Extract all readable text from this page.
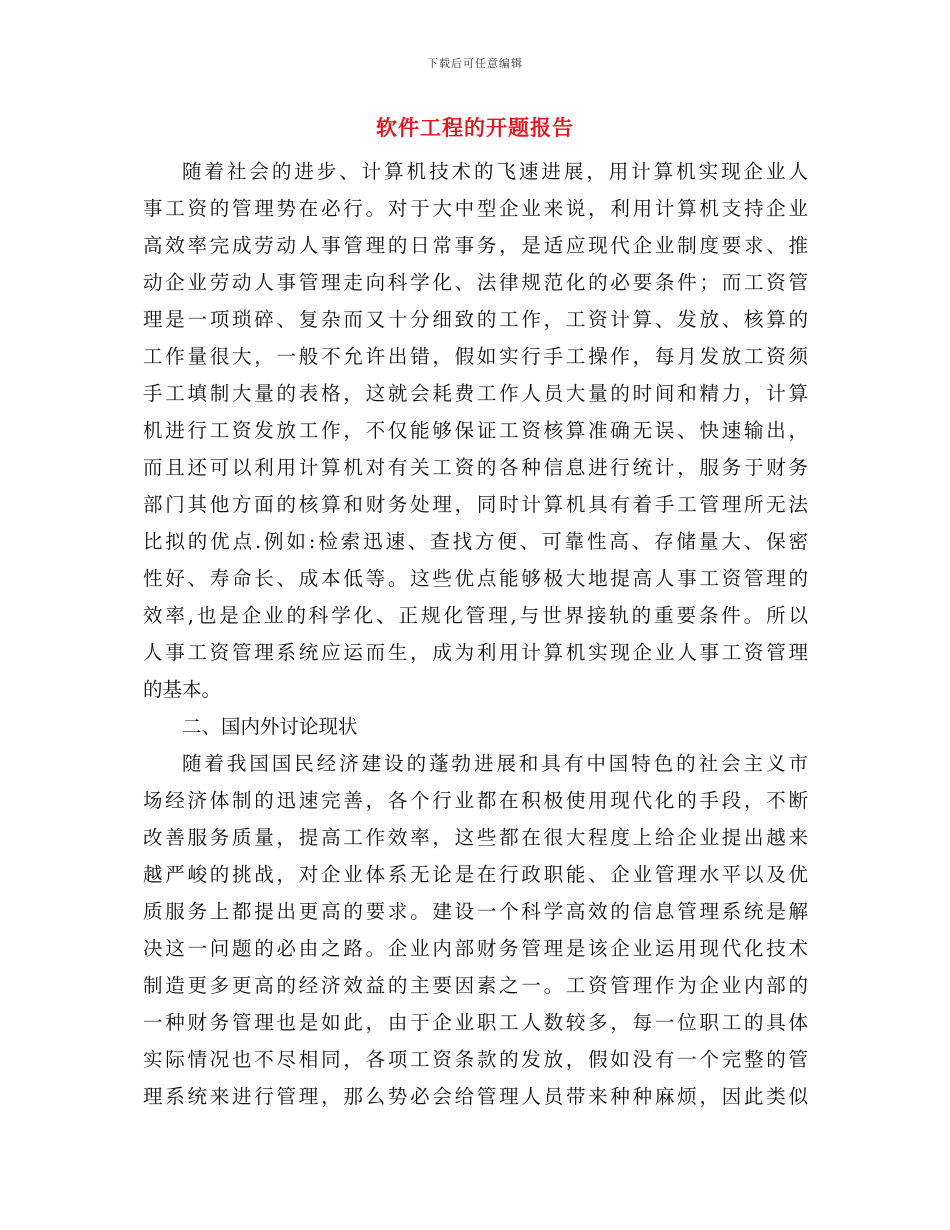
下载后可任意编辑
软件工程的开题报告
随着社会的进步、计算机技术的飞速进展，用计算机实现企业人
事工资的管理势在必行。对于大中型企业来说，利用计算机支持企业
高效率完成劳动人事管理的日常事务，是适应现代企业制度要求、推
动企业劳动人事管理走向科学化、法律规范化的必要条件；而工资管
理是一项琐碎、复杂而又十分细致的工作，工资计算、发放、核算的
工作量很大，一般不允许出错，假如实行手工操作，每月发放工资须
手工填制大量的表格，这就会耗费工作人员大量的时间和精力，计算
机进行工资发放工作，不仅能够保证工资核算准确无误、快速输出，
而且还可以利用计算机对有关工资的各种信息进行统计，服务于财务
部门其他方面的核算和财务处理，同时计算机具有着手工管理所无法
比拟的优点.例如:检索迅速、查找方便、可靠性高、存储量大、保密
性好、寿命长、成本低等。这些优点能够极大地提高人事工资管理的
效率,也是企业的科学化、正规化管理,与世界接轨的重要条件。所以
人事工资管理系统应运而生，成为利用计算机实现企业人事工资管理
的基本。
二、国内外讨论现状
随着我国国民经济建设的蓬勃进展和具有中国特色的社会主义市
场经济体制的迅速完善，各个行业都在积极使用现代化的手段，不断
改善服务质量，提高工作效率，这些都在很大程度上给企业提出越来
越严峻的挑战，对企业体系无论是在行政职能、企业管理水平以及优
质服务上都提出更高的要求。建设一个科学高效的信息管理系统是解
决这一问题的必由之路。企业内部财务管理是该企业运用现代化技术
制造更多更高的经济效益的主要因素之一。工资管理作为企业内部的
一种财务管理也是如此，由于企业职工人数较多，每一位职工的具体
实际情况也不尽相同，各项工资条款的发放，假如没有一个完整的管
理系统来进行管理，那么势必会给管理人员带来种种麻烦，因此类似
